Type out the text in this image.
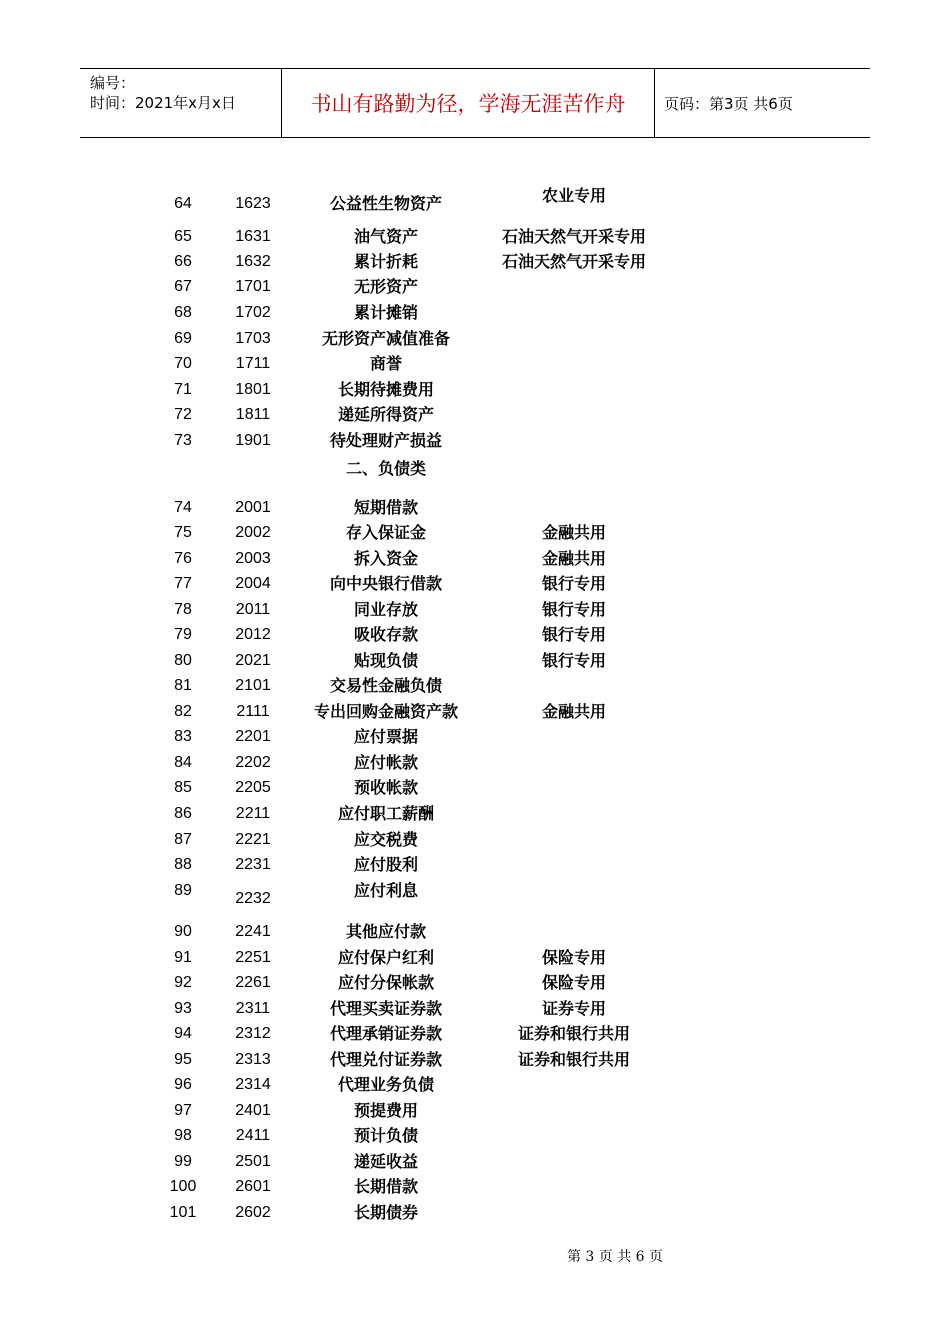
编号：
时间：2021年x月x日	书山有路勤为径，学海无涯苦作舟	页码：第3页 共6页
64	1623	公益性生物资产	农业专用
65	1631	油气资产	石油天然气开采专用
66	1632	累计折耗	石油天然气开采专用
67	1701	无形资产
68	1702	累计摊销
69	1703	无形资产减值准备
70	1711	商誉
71	1801	长期待摊费用
72	1811	递延所得资产
73	1901	待处理财产损益
二、负债类
74	2001	短期借款
75	2002	存入保证金	金融共用
76	2003	拆入资金	金融共用
77	2004	向中央银行借款	银行专用
78	2011	同业存放	银行专用
79	2012	吸收存款	银行专用
80	2021	贴现负债	银行专用
81	2101	交易性金融负债
82	2111	专出回购金融资产款	金融共用
83	2201	应付票据
84	2202	应付帐款
85	2205	预收帐款
86	2211	应付职工薪酬
87	2221	应交税费
88	2231	应付股利
89	2232	应付利息
90	2241	其他应付款
91	2251	应付保户红利	保险专用
92	2261	应付分保帐款	保险专用
93	2311	代理买卖证券款	证券专用
94	2312	代理承销证券款	证券和银行共用
95	2313	代理兑付证券款	证券和银行共用
96	2314	代理业务负债
97	2401	预提费用
98	2411	预计负债
99	2501	递延收益
100 2601	长期借款
101 2602	长期债券
第 3 页 共 6 页
